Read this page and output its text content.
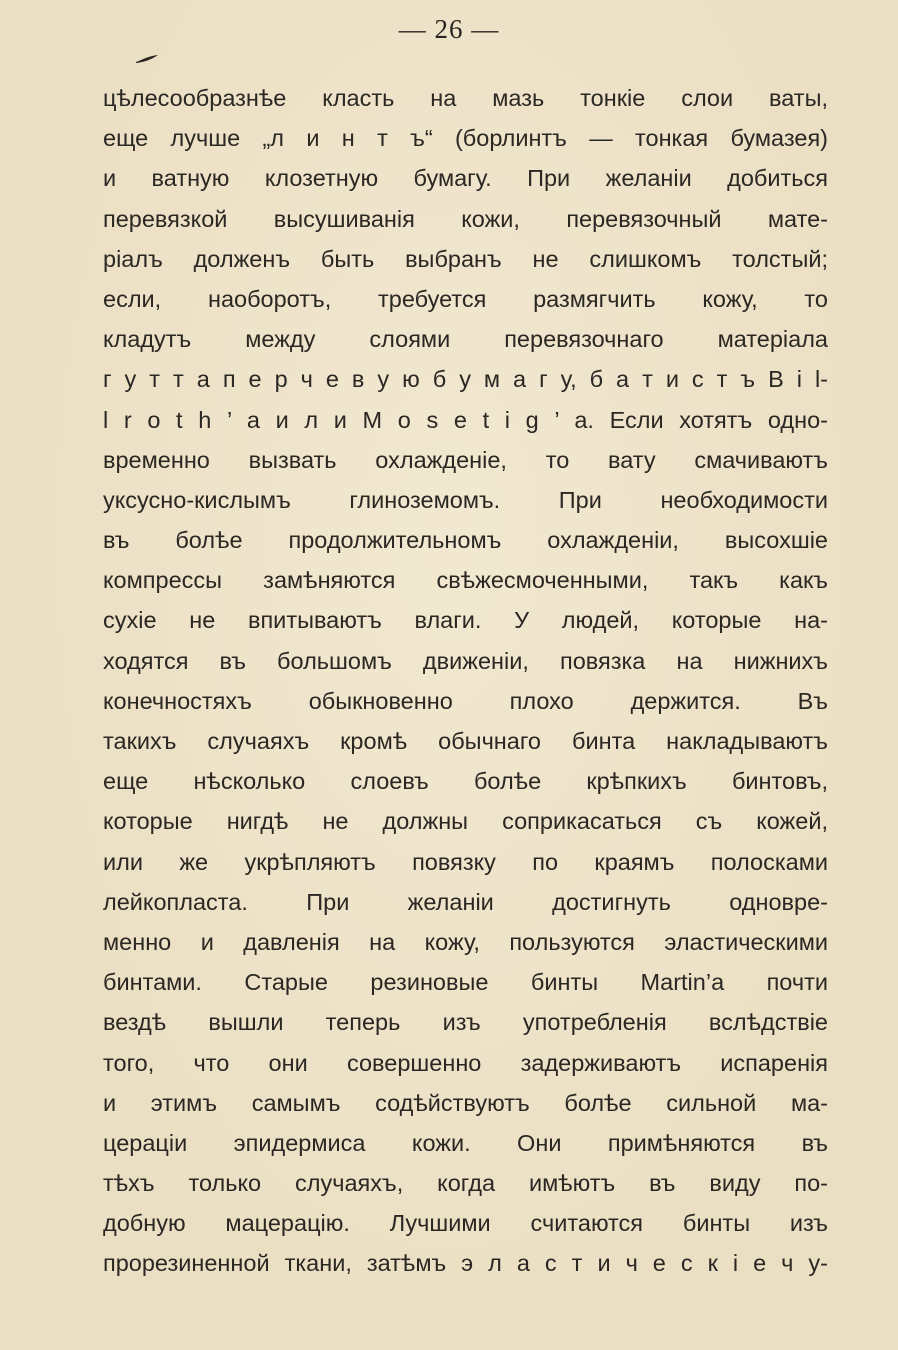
— 26 —
цѣлесообразнѣе класть на мазь тонкіе слои ваты,
еще лучше „л и н т ъ“ (борлинтъ — тонкая бумазея)
и ватную клозетную бумагу. При желаніи добиться
перевязкой высушиванія кожи, перевязочный мате-
ріалъ долженъ быть выбранъ не слишкомъ толстый;
если, наоборотъ, требуется размягчить кожу, то
кладутъ между слоями перевязочнаго матеріала
г у т т а п е р ч е в у ю б у м а г у, б а т и с т ъ B i l-
l r o t h ’ a и л и M o s e t i g ’ a. Если хотятъ одно-
временно вызвать охлажденіе, то вату смачиваютъ
уксусно-кислымъ глиноземомъ. При необходимости
въ болѣе продолжительномъ охлажденіи, высохшіе
компрессы замѣняются свѣжесмоченными, такъ какъ
сухіе не впитываютъ влаги. У людей, которые на-
ходятся въ большомъ движеніи, повязка на нижнихъ
конечностяхъ обыкновенно плохо держится. Въ
такихъ случаяхъ кромѣ обычнаго бинта накладываютъ
еще нѣсколько слоевъ болѣе крѣпкихъ бинтовъ,
которые нигдѣ не должны соприкасаться съ кожей,
или же укрѣпляютъ повязку по краямъ полосками
лейкопласта. При желаніи достигнуть одновре-
менно и давленія на кожу, пользуются эластическими
бинтами. Старые резиновые бинты Martin’a почти
вездѣ вышли теперь изъ употребленія вслѣдствіе
того, что они совершенно задерживаютъ испаренія
и этимъ самымъ содѣйствуютъ болѣе сильной ма-
цераціи эпидермиса кожи. Они примѣняются въ
тѣхъ только случаяхъ, когда имѣютъ въ виду по-
добную мацерацію. Лучшими считаются бинты изъ
прорезиненной ткани, затѣмъ э л а с т и ч е с к і е ч у-
